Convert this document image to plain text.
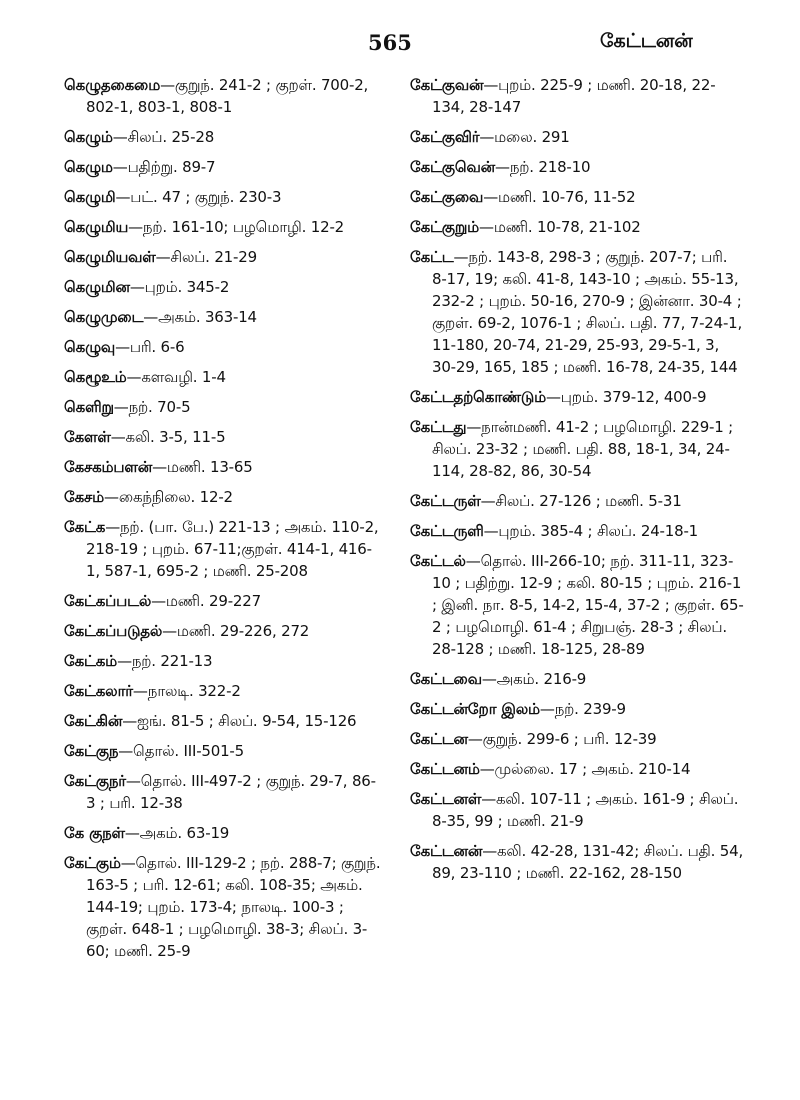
565	கேட்டனன்
கெழுதகைமை—குறுந். 241-2 ; குறள். 700-2, 802-1, 803-1, 808-1
கெழும்—சிலப். 25-28
கெழும—பதிற்று. 89-7
கெழுமி—பட். 47 ; குறுந். 230-3
கெழுமிய—நற். 161-10; பழமொழி. 12-2
கெழுமியவள்—சிலப். 21-29
கெழுமின—புறம். 345-2
கெழுமுடை—அகம். 363-14
கெழுவு—பரி. 6-6
கெழூஉம்—களவழி. 1-4
கெளிறு—நற். 70-5
கேளள்—கலி. 3-5, 11-5
கேசகம்பளன்—மணி. 13-65
கேசம்—கைந்நிலை. 12-2
கேட்க—நற். (பா. பே.) 221-13 ; அகம். 110-2, 218-19 ; புறம். 67-11;குறள். 414-1, 416-1, 587-1, 695-2 ; மணி. 25-208
கேட்கப்படல்—மணி. 29-227
கேட்கப்படுதல்—மணி. 29-226, 272
கேட்கம்—நற். 221-13
கேட்கலார்—நாலடி. 322-2
கேட்கின்—ஐங். 81-5 ; சிலப். 9-54, 15-126
கேட்குந—தொல். III-501-5
கேட்குநர்—தொல். III-497-2 ; குறுந். 29-7, 86-3 ; பரி. 12-38
கே குநள்—அகம். 63-19
கேட்கும்—தொல். III-129-2 ; நற். 288-7; குறுந். 163-5 ; பரி. 12-61; கலி. 108-35; அகம். 144-19; புறம். 173-4; நாலடி. 100-3 ; குறள். 648-1 ; பழமொழி. 38-3; சிலப். 3-60; மணி. 25-9
கேட்குவன்—புறம். 225-9 ; மணி. 20-18, 22-134, 28-147
கேட்குவிர்—மலை. 291
கேட்குவென்—நற். 218-10
கேட்குவை—மணி. 10-76, 11-52
கேட்குறும்—மணி. 10-78, 21-102
கேட்ட—நற். 143-8, 298-3 ; குறுந். 207-7; பரி. 8-17, 19; கலி. 41-8, 143-10 ; அகம். 55-13, 232-2 ; புறம். 50-16, 270-9 ; இன்னா. 30-4 ; குறள். 69-2, 1076-1 ; சிலப். பதி. 77, 7-24-1, 11-180, 20-74, 21-29, 25-93, 29-5-1, 3, 30-29, 165, 185 ; மணி. 16-78, 24-35, 144
கேட்டதற்கொண்டும்—புறம். 379-12, 400-9
கேட்டது—நான்மணி. 41-2 ; பழமொழி. 229-1 ; சிலப். 23-32 ; மணி. பதி. 88, 18-1, 34, 24-114, 28-82, 86, 30-54
கேட்டருள்—சிலப். 27-126 ; மணி. 5-31
கேட்டருளி—புறம். 385-4 ; சிலப். 24-18-1
கேட்டல்—தொல். III-266-10; நற். 311-11, 323-10 ; பதிற்று. 12-9 ; கலி. 80-15 ; புறம். 216-1 ; இனி. நா. 8-5, 14-2, 15-4, 37-2 ; குறள். 65-2 ; பழமொழி. 61-4 ; சிறுபஞ். 28-3 ; சிலப். 28-128 ; மணி. 18-125, 28-89
கேட்டவை—அகம். 216-9
கேட்டன்றோ இலம்—நற். 239-9
கேட்டன—குறுந். 299-6 ; பரி. 12-39
கேட்டனம்—முல்லை. 17 ; அகம். 210-14
கேட்டனள்—கலி. 107-11 ; அகம். 161-9 ; சிலப். 8-35, 99 ; மணி. 21-9
கேட்டனன்—கலி. 42-28, 131-42; சிலப். பதி. 54, 89, 23-110 ; மணி. 22-162, 28-150
